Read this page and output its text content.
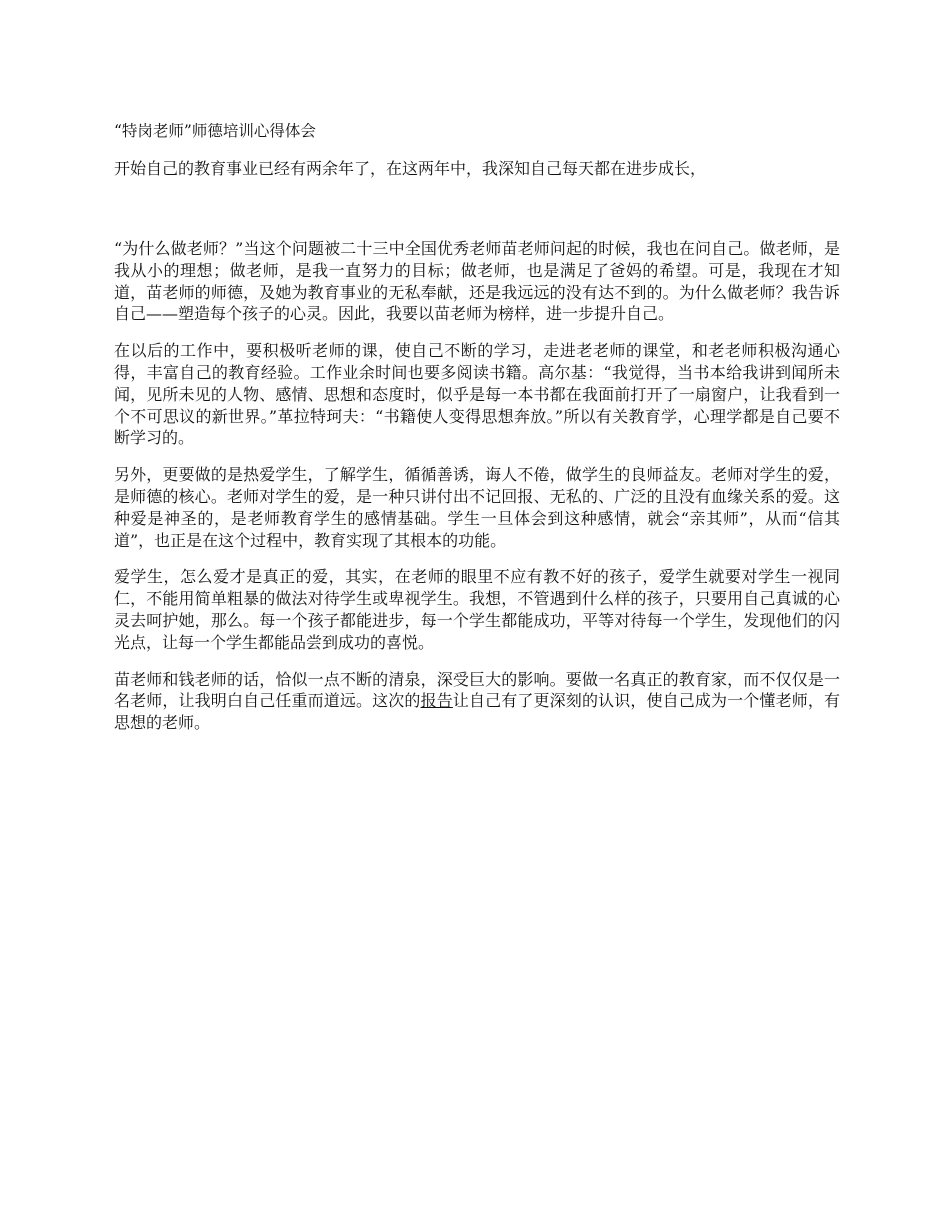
“特岗老师”师德培训心得体会
开始自己的教育事业已经有两余年了，在这两年中，我深知自己每天都在进步成长，

“为什么做老师？”当这个问题被二十三中全国优秀老师苗老师问起的时候，我也在问自己。做老师，是我从小的理想；做老师，是我一直努力的目标；做老师，也是满足了爸妈的希望。可是，我现在才知道，苗老师的师德，及她为教育事业的无私奉献，还是我远远的没有达不到的。为什么做老师？我告诉自己——塑造每个孩子的心灵。因此，我要以苗老师为榜样，进一步提升自己。

在以后的工作中，要积极听老师的课，使自己不断的学习，走进老老师的课堂，和老老师积极沟通心得，丰富自己的教育经验。工作业余时间也要多阅读书籍。高尔基：“我觉得，当书本给我讲到闻所未闻，见所未见的人物、感情、思想和态度时，似乎是每一本书都在我面前打开了一扇窗户，让我看到一个不可思议的新世界。”革拉特珂夫：“书籍使人变得思想奔放。”所以有关教育学，心理学都是自己要不断学习的。

另外，更要做的是热爱学生，了解学生，循循善诱，诲人不倦，做学生的良师益友。老师对学生的爱，是师德的核心。老师对学生的爱，是一种只讲付出不记回报、无私的、广泛的且没有血缘关系的爱。这种爱是神圣的，是老师教育学生的感情基础。学生一旦体会到这种感情，就会“亲其师”，从而“信其道”，也正是在这个过程中，教育实现了其根本的功能。

爱学生，怎么爱才是真正的爱，其实，在老师的眼里不应有教不好的孩子，爱学生就要对学生一视同仁，不能用简单粗暴的做法对待学生或卑视学生。我想，不管遇到什么样的孩子，只要用自己真诚的心灵去呵护她，那么。每一个孩子都能进步，每一个学生都能成功，平等对待每一个学生，发现他们的闪光点，让每一个学生都能品尝到成功的喜悦。

苗老师和钱老师的话，恰似一点不断的清泉，深受巨大的影响。要做一名真正的教育家，而不仅仅是一名老师，让我明白自己任重而道远。这次的报告让自己有了更深刻的认识，使自己成为一个懂老师，有思想的老师。
